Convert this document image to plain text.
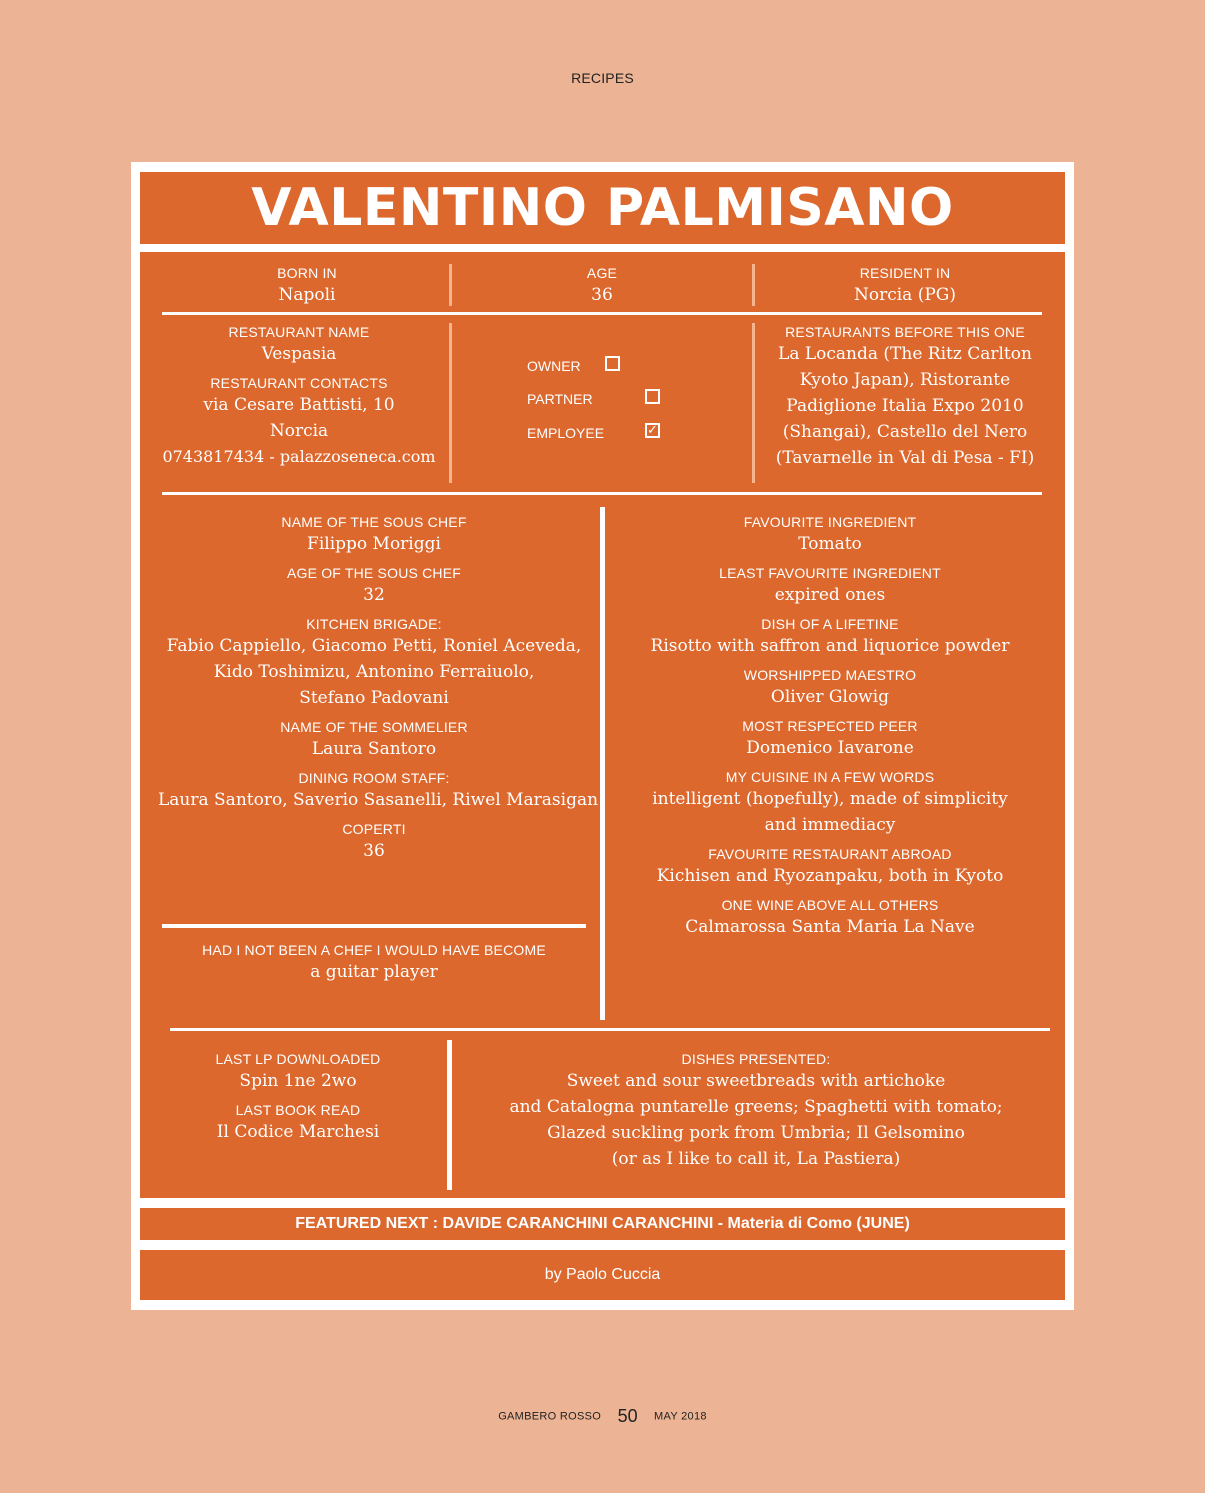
RECIPES
VALENTINO PALMISANO
BORN IN
Napoli
AGE
36
RESIDENT IN
Norcia (PG)
RESTAURANT NAME
Vespasia
RESTAURANT CONTACTS
via Cesare Battisti, 10
Norcia
0743817434 - palazzoseneca.com
OWNER
PARTNER
EMPLOYEE	✓
RESTAURANTS BEFORE THIS ONE
La Locanda (The Ritz Carlton
Kyoto Japan), Ristorante
Padiglione Italia Expo 2010
(Shangai), Castello del Nero
(Tavarnelle in Val di Pesa - FI)
NAME OF THE SOUS CHEF
Filippo Moriggi
AGE OF THE SOUS CHEF
32
KITCHEN BRIGADE:
Fabio Cappiello, Giacomo Petti, Roniel Aceveda,
Kido Toshimizu, Antonino Ferraiuolo,
Stefano Padovani
NAME OF THE SOMMELIER
Laura Santoro
DINING ROOM STAFF:
Laura Santoro, Saverio Sasanelli, Riwel Marasigan
COPERTI
36
HAD I NOT BEEN A CHEF I WOULD HAVE BECOME
a guitar player
FAVOURITE INGREDIENT
Tomato
LEAST FAVOURITE INGREDIENT
expired ones
DISH OF A LIFETINE
Risotto with saffron and liquorice powder
WORSHIPPED MAESTRO
Oliver Glowig
MOST RESPECTED PEER
Domenico Iavarone
MY CUISINE IN A FEW WORDS
intelligent (hopefully), made of simplicity
and immediacy
FAVOURITE RESTAURANT ABROAD
Kichisen and Ryozanpaku, both in Kyoto
ONE WINE ABOVE ALL OTHERS
Calmarossa Santa Maria La Nave
LAST LP DOWNLOADED
Spin 1ne 2wo
LAST BOOK READ
Il Codice Marchesi
DISHES PRESENTED:
Sweet and sour sweetbreads with artichoke
and Catalogna puntarelle greens; Spaghetti with tomato;
Glazed suckling pork from Umbria; Il Gelsomino
(or as I like to call it, La Pastiera)
FEATURED NEXT : DAVIDE CARANCHINI CARANCHINI - Materia di Como (JUNE)
by Paolo Cuccia
GAMBERO ROSSO 50 MAY 2018
